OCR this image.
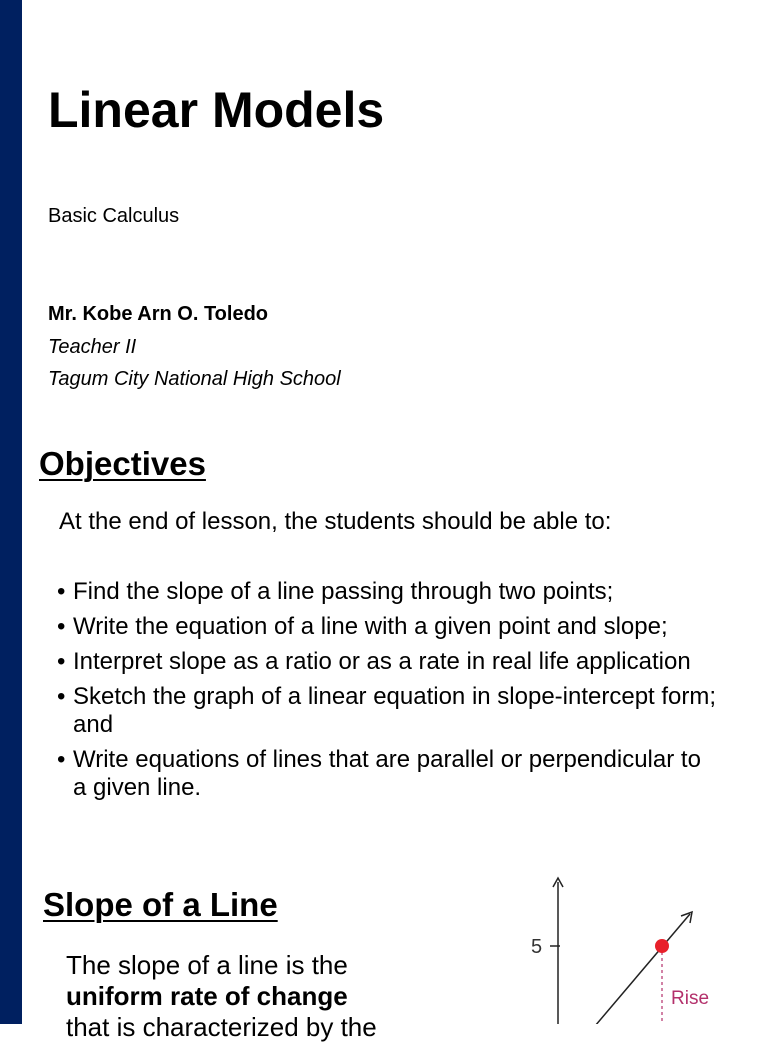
Linear Models
Basic Calculus
Mr. Kobe Arn O. Toledo
Teacher II
Tagum City National High School
Objectives
At the end of lesson, the students should be able to:
• Find the slope of a line passing through two points;
• Write the equation of a line with a given point and slope;
• Interpret slope as a ratio or as a rate in real life application
• Sketch the graph of a linear equation in slope-intercept form; and
• Write equations of lines that are parallel or perpendicular to a given line.
Slope of a Line
The slope of a line is the
uniform rate of change
that is characterized by the
5
Rise
